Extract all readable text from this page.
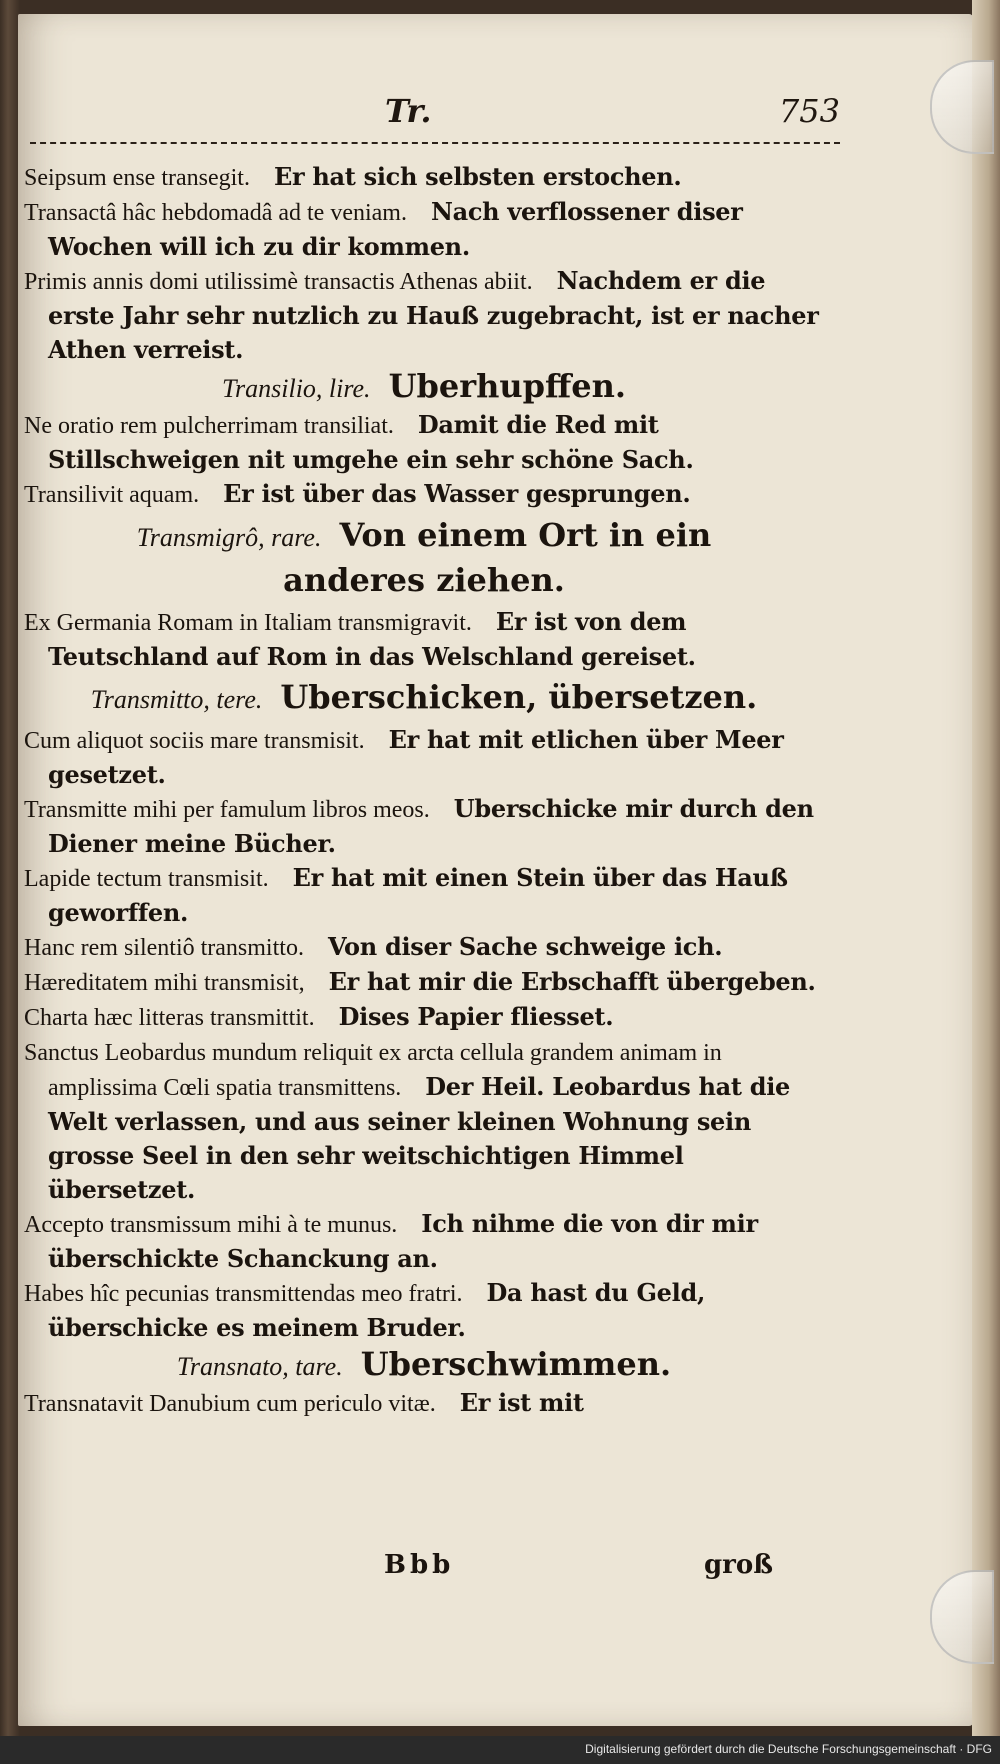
Tr.	753

Seipsum ense transegit.  Er hat sich selbsten erstochen.

Transactâ hâc hebdomadâ ad te veniam.  Nach verflossener diser Wochen will ich zu dir kommen.

Primis annis domi utilissimè transactis Athenas abiit.  Nachdem er die erste Jahr sehr nutzlich zu Hauß zugebracht, ist er nacher Athen verreist.

Transilio, lire. Uberhupffen.

Ne oratio rem pulcherrimam transiliat.  Damit die Red mit Stillschweigen nit umgehe ein sehr schöne Sach.

Transilivit aquam.  Er ist über das Wasser gesprungen.

Transmigrô, rare. Von einem Ort in ein anderes ziehen.

Ex Germania Romam in Italiam transmigravit.  Er ist von dem Teutschland auf Rom in das Welschland gereiset.

Transmitto, tere. Uberschicken, übersetzen.

Cum aliquot sociis mare transmisit.  Er hat mit etlichen über Meer gesetzet.

Transmitte mihi per famulum libros meos.  Uberschicke mir durch den Diener meine Bücher.

Lapide tectum transmisit.  Er hat mit einen Stein über das Hauß geworffen.

Hanc rem silentiô transmitto.  Von diser Sache schweige ich.

Hæreditatem mihi transmisit,  Er hat mir die Erbschafft übergeben.

Charta hæc litteras transmittit.  Dises Papier fliesset.

Sanctus Leobardus mundum reliquit ex arcta cellula grandem animam in amplissima Cœli spatia transmittens.  Der Heil. Leobardus hat die Welt verlassen, und aus seiner kleinen Wohnung sein grosse Seel in den sehr weitschichtigen Himmel übersetzet.

Accepto transmissum mihi à te munus.  Ich nihme die von dir mir überschickte Schanckung an.

Habes hîc pecunias transmittendas meo fratri.  Da hast du Geld, überschicke es meinem Bruder.

Transnato, tare. Uberschwimmen.

Transnatavit Danubium cum periculo vitæ.  Er ist mit

Bbb	groß
Digitalisierung gefördert durch die Deutsche Forschungsgemeinschaft · DFG
